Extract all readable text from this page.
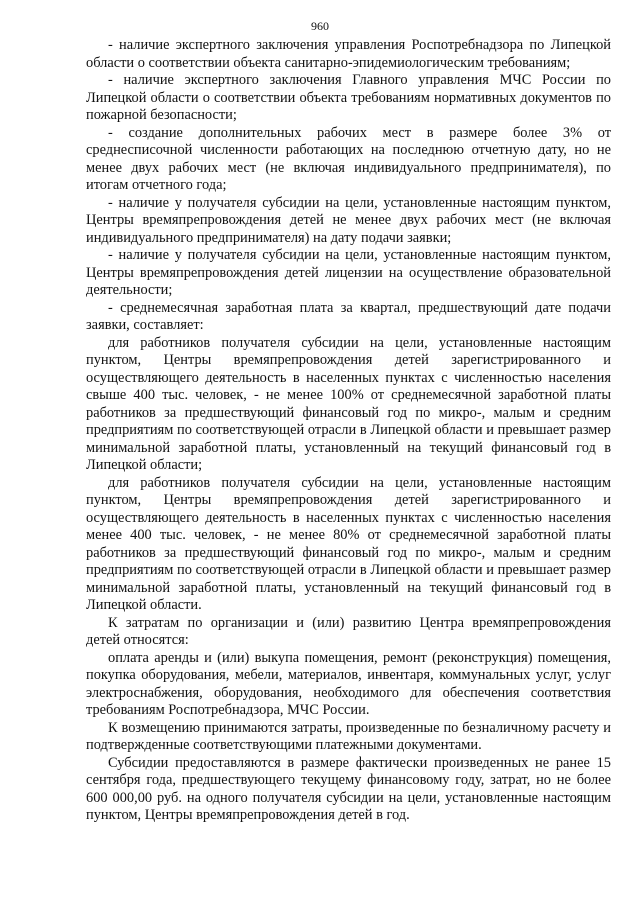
960

- наличие экспертного заключения управления Роспотребнадзора по Липецкой области о соответствии объекта санитарно-эпидемиологическим требованиям;

- наличие экспертного заключения Главного управления МЧС России по Липецкой области о соответствии объекта требованиям нормативных документов по пожарной безопасности;

- создание дополнительных рабочих мест в размере более 3% от среднесписочной численности работающих на последнюю отчетную дату, но не менее двух рабочих мест (не включая индивидуального предпринимателя), по итогам отчетного года;

- наличие у получателя субсидии на цели, установленные настоящим пунктом, Центры времяпрепровождения детей не менее двух рабочих мест (не включая индивидуального предпринимателя) на дату подачи заявки;

- наличие у получателя субсидии на цели, установленные настоящим пунктом, Центры времяпрепровождения детей лицензии на осуществление образовательной деятельности;

- среднемесячная заработная плата за квартал, предшествующий дате подачи заявки, составляет:

для работников получателя субсидии на цели, установленные настоящим пунктом, Центры времяпрепровождения детей зарегистрированного и осуществляющего деятельность в населенных пунктах с численностью населения свыше 400 тыс. человек, - не менее 100% от среднемесячной заработной платы работников за предшествующий финансовый год по микро-, малым и средним предприятиям по соответствующей отрасли в Липецкой области и превышает размер минимальной заработной платы, установленный на текущий финансовый год в Липецкой области;

для работников получателя субсидии на цели, установленные настоящим пунктом, Центры времяпрепровождения детей зарегистрированного и осуществляющего деятельность в населенных пунктах с численностью населения менее 400 тыс. человек, - не менее 80% от среднемесячной заработной платы работников за предшествующий финансовый год по микро-, малым и средним предприятиям по соответствующей отрасли в Липецкой области и превышает размер минимальной заработной платы, установленный на текущий финансовый год в Липецкой области.

К затратам по организации и (или) развитию Центра времяпрепровождения детей относятся:

оплата аренды и (или) выкупа помещения, ремонт (реконструкция) помещения, покупка оборудования, мебели, материалов, инвентаря, коммунальных услуг, услуг электроснабжения, оборудования, необходимого для обеспечения соответствия требованиям Роспотребнадзора, МЧС России.

К возмещению принимаются затраты, произведенные по безналичному расчету и подтвержденные соответствующими платежными документами.

Субсидии предоставляются в размере фактически произведенных не ранее 15 сентября года, предшествующего текущему финансовому году, затрат, но не более 600 000,00 руб. на одного получателя субсидии на цели, установленные настоящим пунктом, Центры времяпрепровождения детей в год.
